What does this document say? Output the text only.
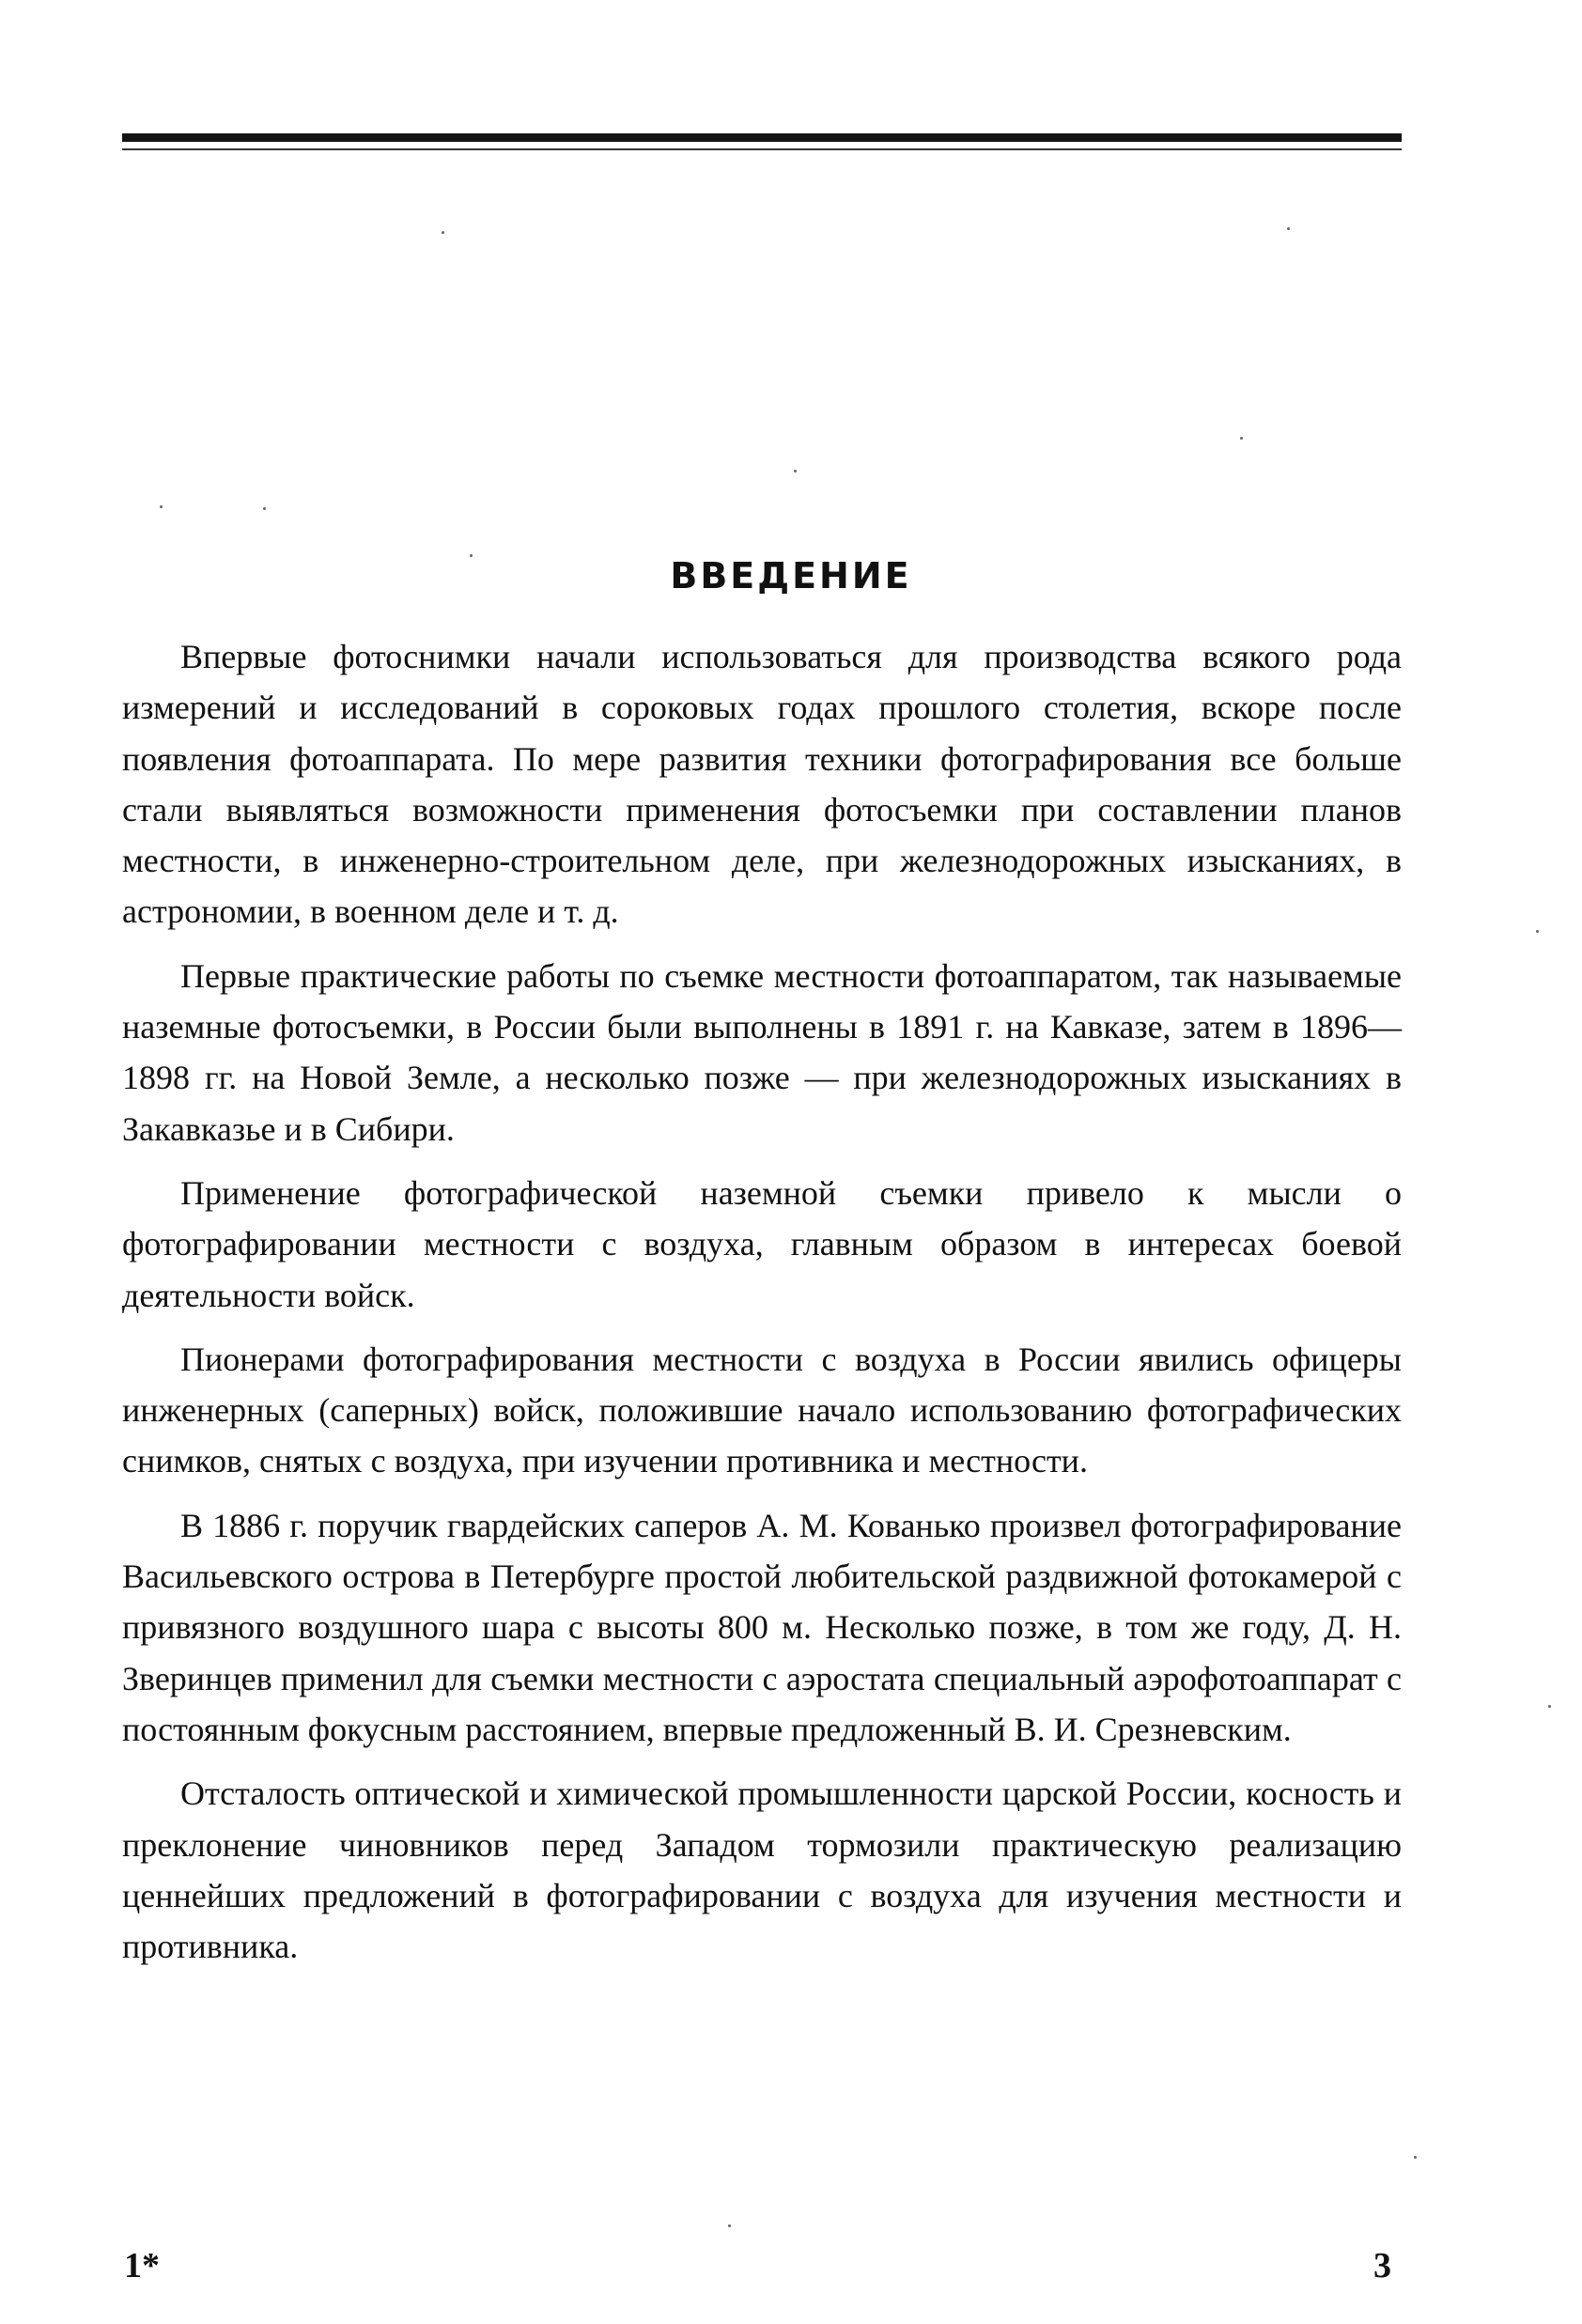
ВВЕДЕНИЕ

Впервые фотоснимки начали использоваться для производства всякого рода измерений и исследований в сороковых годах прошлого столетия, вскоре после появления фотоаппарата. По мере развития техники фотографирования все больше стали выявляться возможности применения фотосъемки при составлении планов местности, в инженерно-строительном деле, при железнодорожных изысканиях, в астрономии, в военном деле и т. д.

Первые практические работы по съемке местности фотоаппаратом, так называемые наземные фотосъемки, в России были выполнены в 1891 г. на Кавказе, затем в 1896—1898 гг. на Новой Земле, а несколько позже — при железнодорожных изысканиях в Закавказье и в Сибири.

Применение фотографической наземной съемки привело к мысли о фотографировании местности с воздуха, главным образом в интересах боевой деятельности войск.

Пионерами фотографирования местности с воздуха в России явились офицеры инженерных (саперных) войск, положившие начало использованию фотографических снимков, снятых с воздуха, при изучении противника и местности.

В 1886 г. поручик гвардейских саперов А. М. Кованько произвел фотографирование Васильевского острова в Петербурге простой любительской раздвижной фотокамерой с привязного воздушного шара с высоты 800 м. Несколько позже, в том же году, Д. Н. Зверинцев применил для съемки местности с аэростата специальный аэрофотоаппарат с постоянным фокусным расстоянием, впервые предложенный В. И. Срезневским.

Отсталость оптической и химической промышленности царской России, косность и преклонение чиновников перед Западом тормозили практическую реализацию ценнейших предложений в фотографировании с воздуха для изучения местности и противника.

1*	3
